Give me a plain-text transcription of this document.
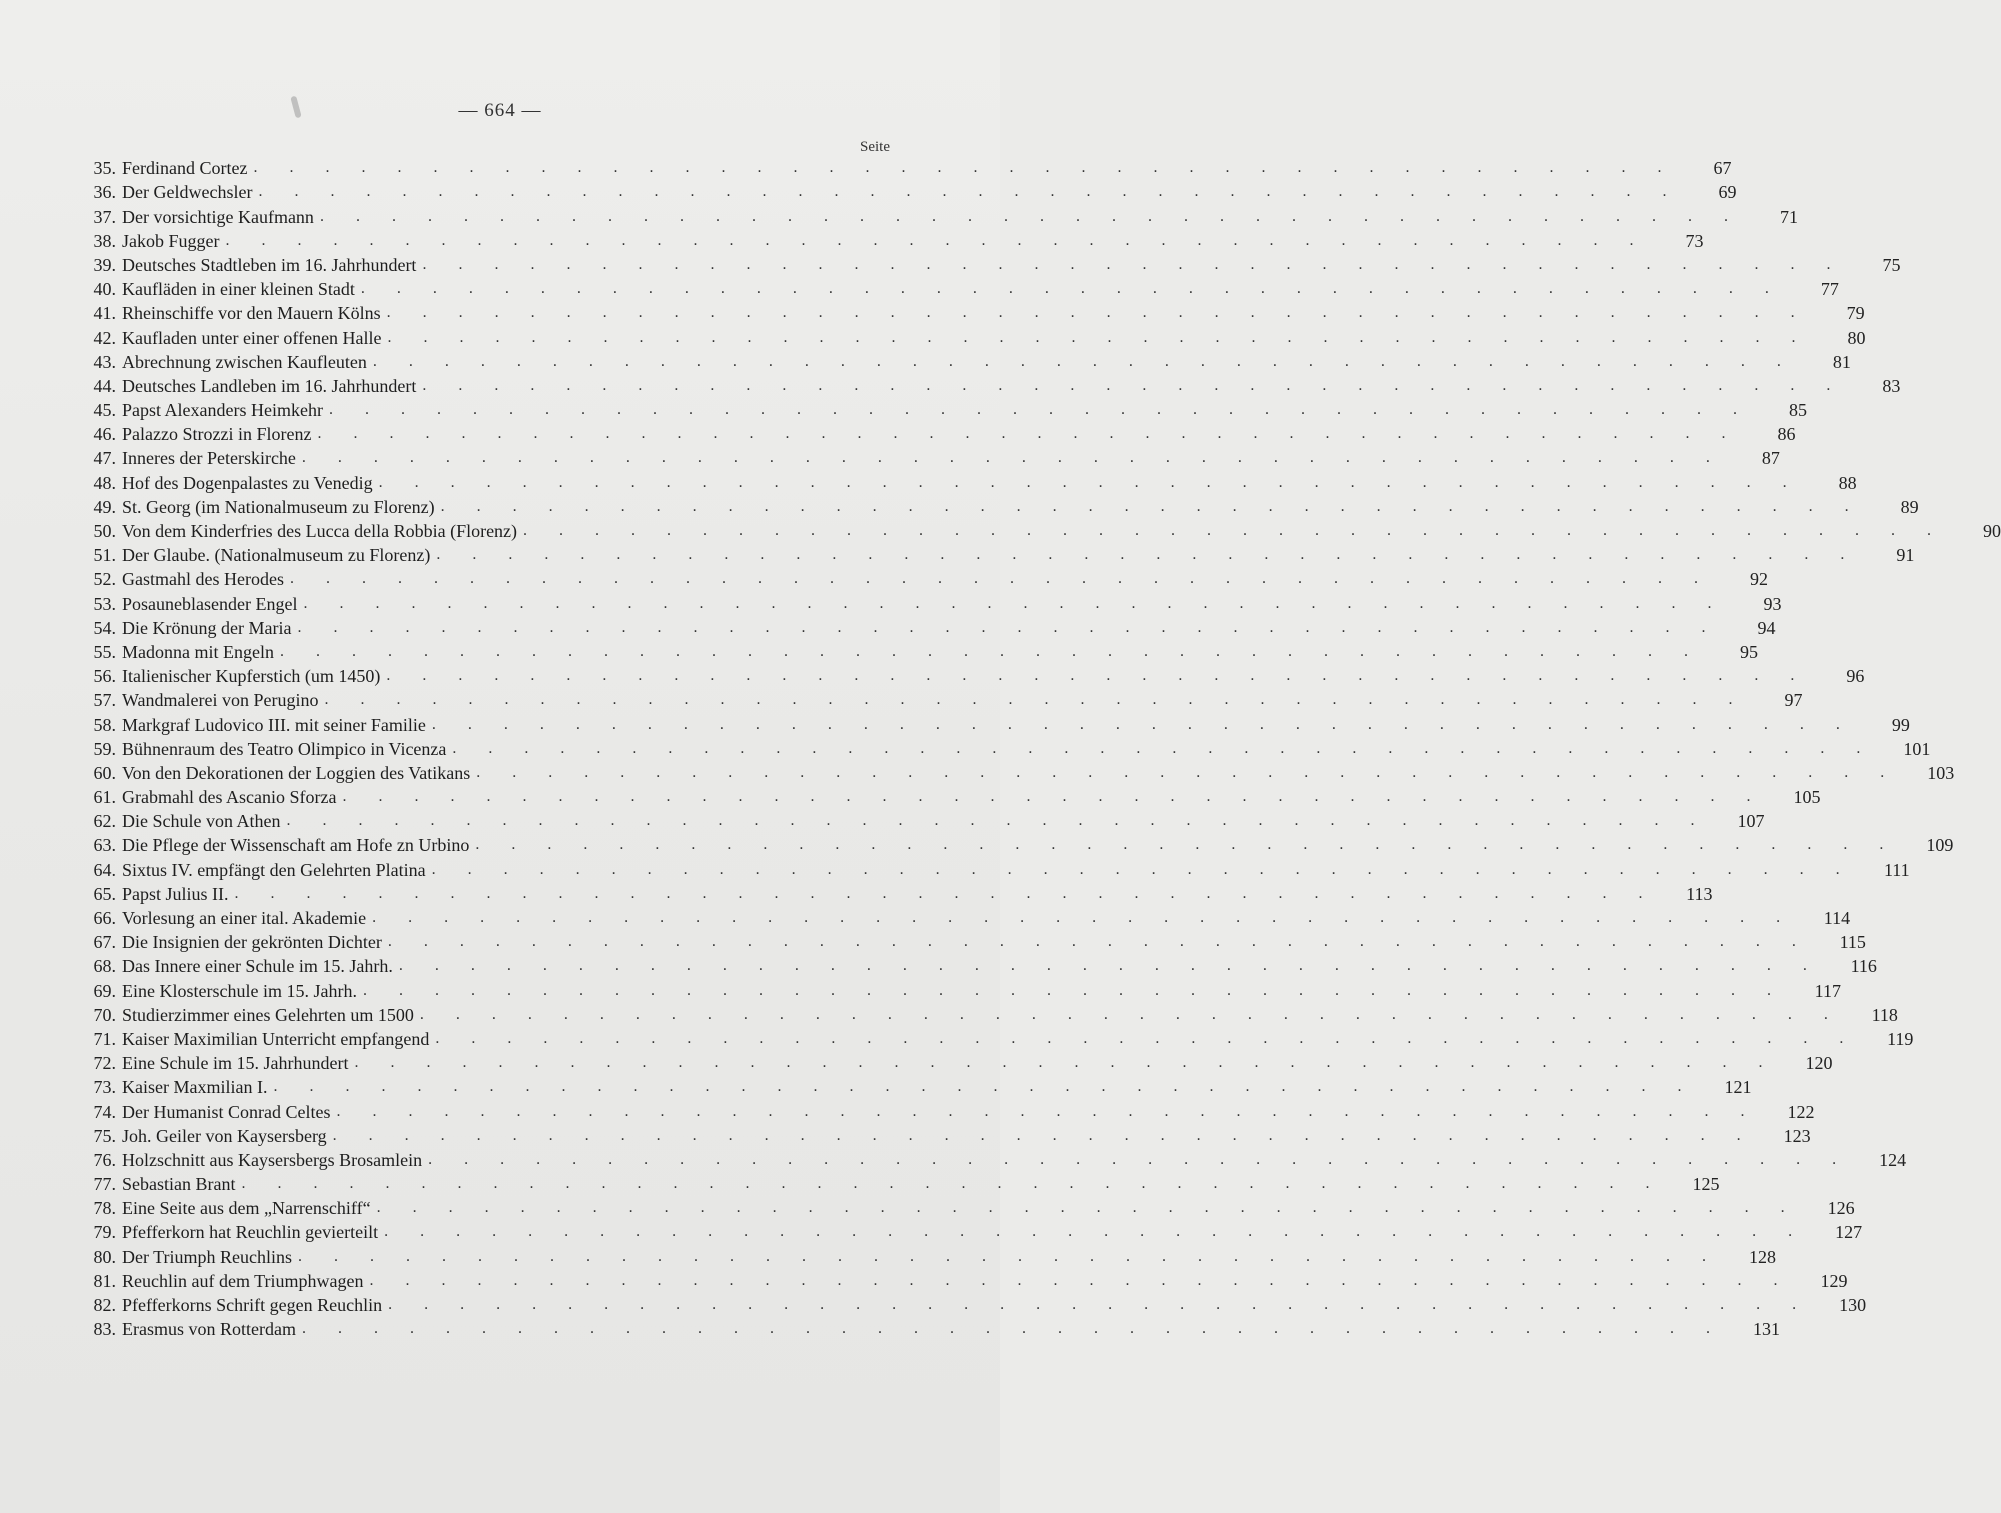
— 664 —
Seite
35. Ferdinand Cortez . . . . . . . . . . . . . . . . . . . . . . . . . . . . . . . . . . . . . . . .	67
36. Der Geldwechsler . . . . . . . . . . . . . . . . . . . . . . . . . . . . . . . . . . . . . . . .	69
37. Der vorsichtige Kaufmann . . . . . . . . . . . . . . . . . . . . . . . . . . . . . . . . . . . . . . . .	71
38. Jakob Fugger . . . . . . . . . . . . . . . . . . . . . . . . . . . . . . . . . . . . . . . .	73
39. Deutsches Stadtleben im 16. Jahrhundert . . . . . . . . . . . . . . . . . . . . . . . . . . . . . . . . . . . . . . . .	75
40. Kaufläden in einer kleinen Stadt . . . . . . . . . . . . . . . . . . . . . . . . . . . . . . . . . . . . . . . .	77
41. Rheinschiffe vor den Mauern Kölns . . . . . . . . . . . . . . . . . . . . . . . . . . . . . . . . . . . . . . . .	79
42. Kaufladen unter einer offenen Halle . . . . . . . . . . . . . . . . . . . . . . . . . . . . . . . . . . . . . . . .	80
43. Abrechnung zwischen Kaufleuten . . . . . . . . . . . . . . . . . . . . . . . . . . . . . . . . . . . . . . . .	81
44. Deutsches Landleben im 16. Jahrhundert . . . . . . . . . . . . . . . . . . . . . . . . . . . . . . . . . . . . . . . .	83
45. Papst Alexanders Heimkehr . . . . . . . . . . . . . . . . . . . . . . . . . . . . . . . . . . . . . . . .	85
46. Palazzo Strozzi in Florenz . . . . . . . . . . . . . . . . . . . . . . . . . . . . . . . . . . . . . . . .	86
47. Inneres der Peterskirche . . . . . . . . . . . . . . . . . . . . . . . . . . . . . . . . . . . . . . . .	87
48. Hof des Dogenpalastes zu Venedig . . . . . . . . . . . . . . . . . . . . . . . . . . . . . . . . . . . . . . . .	88
49. St. Georg (im Nationalmuseum zu Florenz) . . . . . . . . . . . . . . . . . . . . . . . . . . . . . . . . . . . . . . . .	89
50. Von dem Kinderfries des Lucca della Robbia (Florenz) . . . . . . . . . . . . . . . . . . . . . . . . . . . . . . . . . . . . . . . .	90
51. Der Glaube. (Nationalmuseum zu Florenz) . . . . . . . . . . . . . . . . . . . . . . . . . . . . . . . . . . . . . . . .	91
52. Gastmahl des Herodes . . . . . . . . . . . . . . . . . . . . . . . . . . . . . . . . . . . . . . . .	92
53. Posauneblasender Engel . . . . . . . . . . . . . . . . . . . . . . . . . . . . . . . . . . . . . . . .	93
54. Die Krönung der Maria . . . . . . . . . . . . . . . . . . . . . . . . . . . . . . . . . . . . . . . .	94
55. Madonna mit Engeln . . . . . . . . . . . . . . . . . . . . . . . . . . . . . . . . . . . . . . . .	95
56. Italienischer Kupferstich (um 1450) . . . . . . . . . . . . . . . . . . . . . . . . . . . . . . . . . . . . . . . .	96
57. Wandmalerei von Perugino . . . . . . . . . . . . . . . . . . . . . . . . . . . . . . . . . . . . . . . .	97
58. Markgraf Ludovico III. mit seiner Familie . . . . . . . . . . . . . . . . . . . . . . . . . . . . . . . . . . . . . . . .	99
59. Bühnenraum des Teatro Olimpico in Vicenza . . . . . . . . . . . . . . . . . . . . . . . . . . . . . . . . . . . . . . . .	101
60. Von den Dekorationen der Loggien des Vatikans . . . . . . . . . . . . . . . . . . . . . . . . . . . . . . . . . . . . . . . .	103
61. Grabmahl des Ascanio Sforza . . . . . . . . . . . . . . . . . . . . . . . . . . . . . . . . . . . . . . . .	105
62. Die Schule von Athen . . . . . . . . . . . . . . . . . . . . . . . . . . . . . . . . . . . . . . . .	107
63. Die Pflege der Wissenschaft am Hofe zn Urbino . . . . . . . . . . . . . . . . . . . . . . . . . . . . . . . . . . . . . . . .	109
64. Sixtus IV. empfängt den Gelehrten Platina . . . . . . . . . . . . . . . . . . . . . . . . . . . . . . . . . . . . . . . .	111
65. Papst Julius II. . . . . . . . . . . . . . . . . . . . . . . . . . . . . . . . . . . . . . . . .	113
66. Vorlesung an einer ital. Akademie . . . . . . . . . . . . . . . . . . . . . . . . . . . . . . . . . . . . . . . .	114
67. Die Insignien der gekrönten Dichter . . . . . . . . . . . . . . . . . . . . . . . . . . . . . . . . . . . . . . . .	115
68. Das Innere einer Schule im 15. Jahrh. . . . . . . . . . . . . . . . . . . . . . . . . . . . . . . . . . . . . . . . .	116
69. Eine Klosterschule im 15. Jahrh. . . . . . . . . . . . . . . . . . . . . . . . . . . . . . . . . . . . . . . . .	117
70. Studierzimmer eines Gelehrten um 1500 . . . . . . . . . . . . . . . . . . . . . . . . . . . . . . . . . . . . . . . .	118
71. Kaiser Maximilian Unterricht empfangend . . . . . . . . . . . . . . . . . . . . . . . . . . . . . . . . . . . . . . . .	119
72. Eine Schule im 15. Jahrhundert . . . . . . . . . . . . . . . . . . . . . . . . . . . . . . . . . . . . . . . .	120
73. Kaiser Maxmilian I. . . . . . . . . . . . . . . . . . . . . . . . . . . . . . . . . . . . . . . . .	121
74. Der Humanist Conrad Celtes . . . . . . . . . . . . . . . . . . . . . . . . . . . . . . . . . . . . . . . .	122
75. Joh. Geiler von Kaysersberg . . . . . . . . . . . . . . . . . . . . . . . . . . . . . . . . . . . . . . . .	123
76. Holzschnitt aus Kaysersbergs Brosamlein . . . . . . . . . . . . . . . . . . . . . . . . . . . . . . . . . . . . . . . .	124
77. Sebastian Brant . . . . . . . . . . . . . . . . . . . . . . . . . . . . . . . . . . . . . . . .	125
78. Eine Seite aus dem „Narrenschiff“ . . . . . . . . . . . . . . . . . . . . . . . . . . . . . . . . . . . . . . . .	126
79. Pfefferkorn hat Reuchlin gevierteilt . . . . . . . . . . . . . . . . . . . . . . . . . . . . . . . . . . . . . . . .	127
80. Der Triumph Reuchlins . . . . . . . . . . . . . . . . . . . . . . . . . . . . . . . . . . . . . . . .	128
81. Reuchlin auf dem Triumphwagen . . . . . . . . . . . . . . . . . . . . . . . . . . . . . . . . . . . . . . . .	129
82. Pfefferkorns Schrift gegen Reuchlin . . . . . . . . . . . . . . . . . . . . . . . . . . . . . . . . . . . . . . . .	130
83. Erasmus von Rotterdam . . . . . . . . . . . . . . . . . . . . . . . . . . . . . . . . . . . . . . . .	131
